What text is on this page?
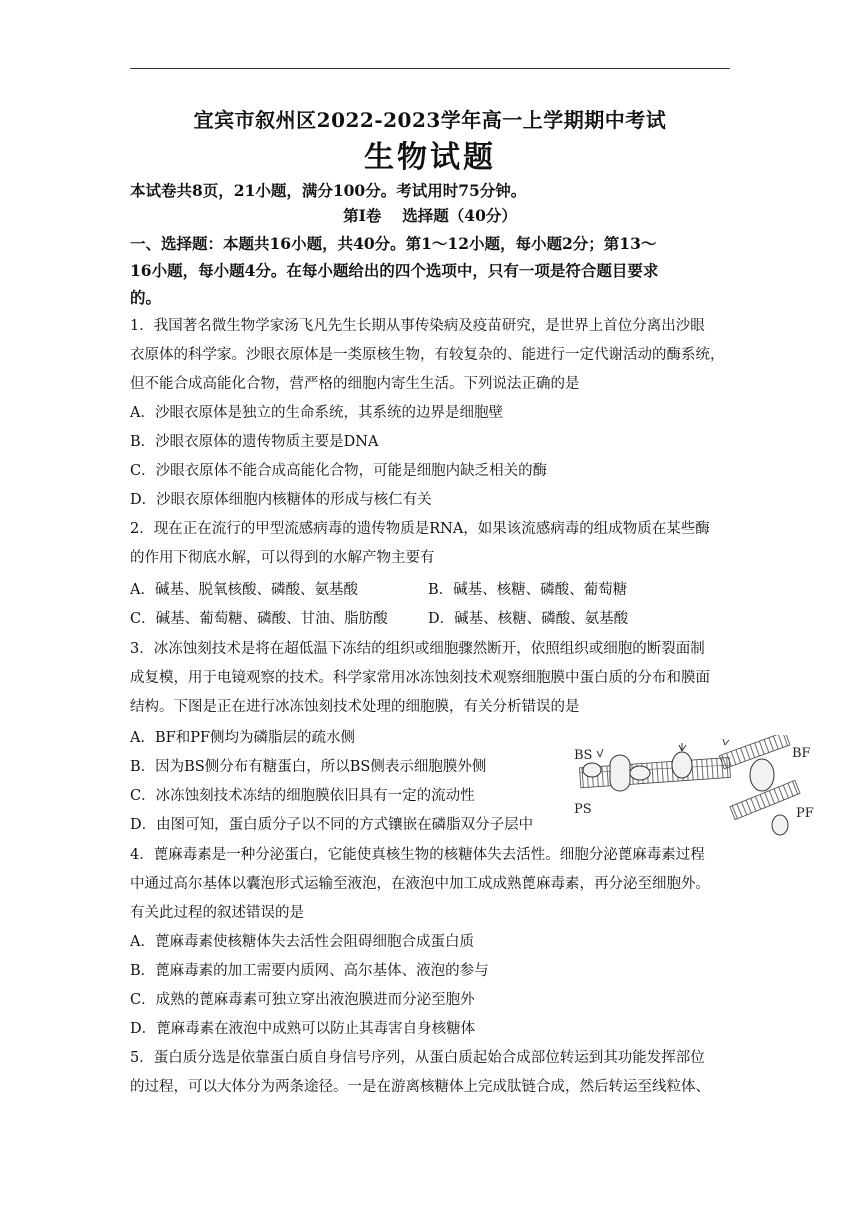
宜宾市叙州区2022-2023学年高一上学期期中考试
生物试题
本试卷共8页，21小题，满分100分。考试用时75分钟。
第Ⅰ卷　 选择题（40分）
一、选择题：本题共16小题，共40分。第1～12小题，每小题2分；第13～
16小题，每小题4分。在每小题给出的四个选项中，只有一项是符合题目要求
的。
1．我国著名微生物学家汤飞凡先生长期从事传染病及疫苗研究，是世界上首位分离出沙眼
衣原体的科学家。沙眼衣原体是一类原核生物，有较复杂的、能进行一定代谢活动的酶系统，
但不能合成高能化合物，营严格的细胞内寄生生活。下列说法正确的是
A．沙眼衣原体是独立的生命系统，其系统的边界是细胞壁
B．沙眼衣原体的遗传物质主要是DNA
C．沙眼衣原体不能合成高能化合物，可能是细胞内缺乏相关的酶
D．沙眼衣原体细胞内核糖体的形成与核仁有关
2．现在正在流行的甲型流感病毒的遗传物质是RNA，如果该流感病毒的组成物质在某些酶
的作用下彻底水解，可以得到的水解产物主要有
A．碱基、脱氧核酸、磷酸、氨基酸	B．碱基、核糖、磷酸、葡萄糖
C．碱基、葡萄糖、磷酸、甘油、脂肪酸	D．碱基、核糖、磷酸、氨基酸
3．冰冻蚀刻技术是将在超低温下冻结的组织或细胞骤然断开，依照组织或细胞的断裂面制
成复模，用于电镜观察的技术。科学家常用冰冻蚀刻技术观察细胞膜中蛋白质的分布和膜面
结构。下图是正在进行冰冻蚀刻技术处理的细胞膜，有关分析错误的是
A．BF和PF侧均为磷脂层的疏水侧
B．因为BS侧分布有糖蛋白，所以BS侧表示细胞膜外侧
C．冰冻蚀刻技术冻结的细胞膜依旧具有一定的流动性
D．由图可知，蛋白质分子以不同的方式镶嵌在磷脂双分子层中
BS	BF
PS	PF
4．蓖麻毒素是一种分泌蛋白，它能使真核生物的核糖体失去活性。细胞分泌蓖麻毒素过程
中通过高尔基体以囊泡形式运输至液泡，在液泡中加工成成熟蓖麻毒素，再分泌至细胞外。
有关此过程的叙述错误的是
A．蓖麻毒素使核糖体失去活性会阻碍细胞合成蛋白质
B．蓖麻毒素的加工需要内质网、高尔基体、液泡的参与
C．成熟的蓖麻毒素可独立穿出液泡膜进而分泌至胞外
D．蓖麻毒素在液泡中成熟可以防止其毒害自身核糖体
5．蛋白质分选是依靠蛋白质自身信号序列，从蛋白质起始合成部位转运到其功能发挥部位
的过程，可以大体分为两条途径。一是在游离核糖体上完成肽链合成，然后转运至线粒体、
